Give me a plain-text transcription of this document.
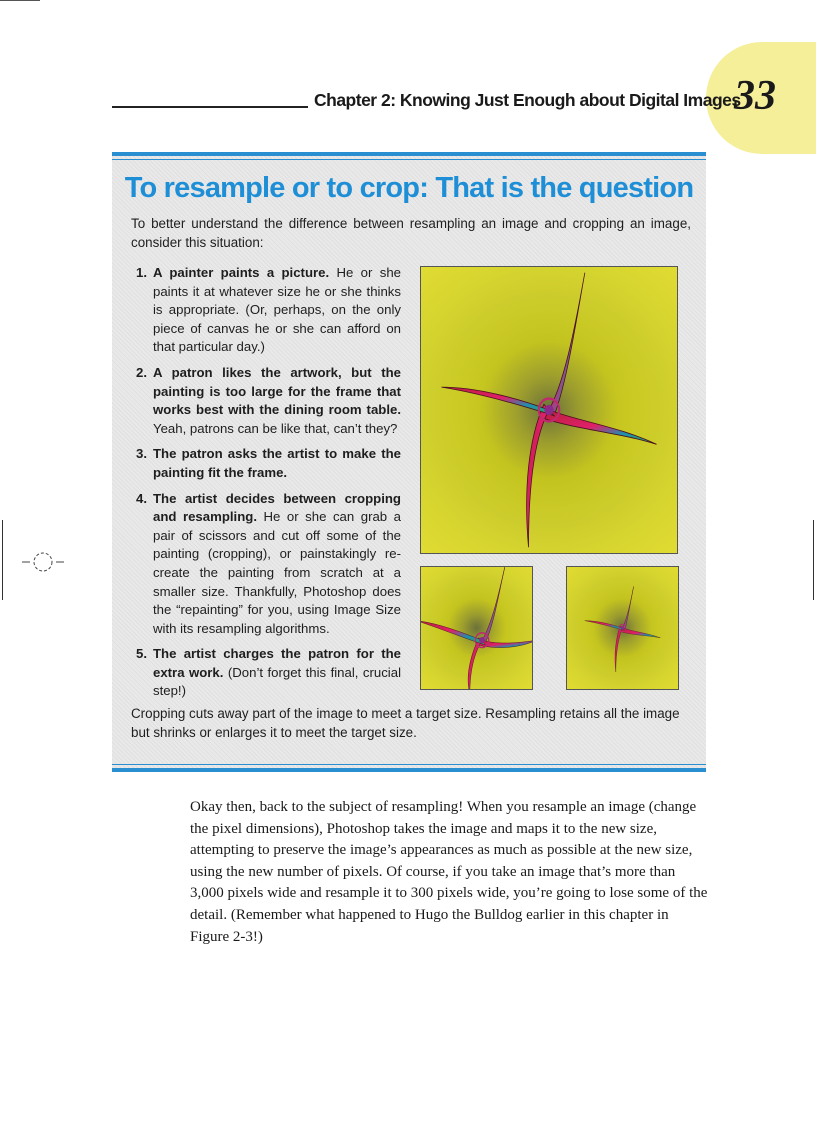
33
Chapter 2: Knowing Just Enough about Digital Images
To resample or to crop: That is the question
To better understand the difference between resampling an image and cropping an image, consider this situation:
1. A painter paints a picture. He or she paints it at whatever size he or she thinks is appropriate. (Or, perhaps, on the only piece of canvas he or she can afford on that particular day.)
2. A patron likes the artwork, but the painting is too large for the frame that works best with the dining room table. Yeah, patrons can be like that, can’t they?
3. The patron asks the artist to make the painting fit the frame.
4. The artist decides between cropping and resampling. He or she can grab a pair of scissors and cut off some of the painting (cropping), or painstakingly re-create the painting from scratch at a smaller size. Thankfully, Photoshop does the “repainting” for you, using Image Size with its resampling algorithms.
5. The artist charges the patron for the extra work. (Don’t forget this final, crucial step!)
Cropping cuts away part of the image to meet a target size. Resampling retains all the image but shrinks or enlarges it to meet the target size.

Okay then, back to the subject of resampling! When you resample an image (change the pixel dimensions), Photoshop takes the image and maps it to the new size, attempting to preserve the image’s appearances as much as possible at the new size, using the new number of pixels. Of course, if you take an image that’s more than 3,000 pixels wide and resample it to 300 pixels wide, you’re going to lose some of the detail. (Remember what happened to Hugo the Bulldog earlier in this chapter in Figure 2-3!)
